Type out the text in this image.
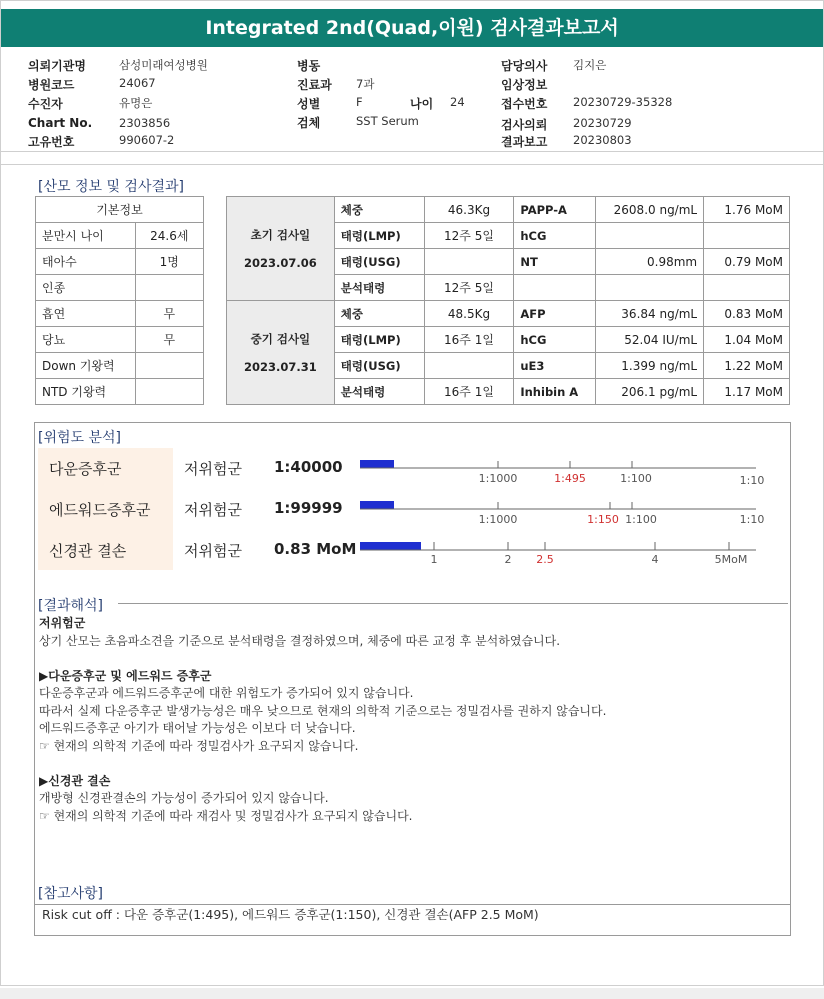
Integrated 2nd(Quad,이원) 검사결과보고서
의뢰기관명	삼성미래여성병원
병원코드	24067
수진자	유명은
Chart No. 2303856
고유번호	990607-2
병동
진료과 7과
성별	F	나이 24
검체	SST Serum
담당의사 김지은
임상정보
접수번호 20230729-35328
검사의뢰 20230729
결과보고 20230803
[산모 정보 및 검사결과]
기본정보	
분만시 나이	24.6세
태아수	1명
인종	
흡연	무
당뇨	무
Down 기왕력	
NTD 기왕력	
초기 검사일
2023.07.06	체중	46.3Kg	PAPP-A	2608.0 ng/mL	1.76 MoM
	태령(LMP)	12주 5일	hCG		
	태령(USG)		NT	0.98mm	0.79 MoM
	분석태령	12주 5일			

중기 검사일
2023.07.31	체중	48.5Kg	AFP	36.84 ng/mL	0.83 MoM
	태령(LMP)	16주 1일	hCG	52.04 IU/mL	1.04 MoM
	태령(USG)		uE3	1.399 ng/mL	1.22 MoM
	분석태령	16주 1일	Inhibin A	206.1 pg/mL	1.17 MoM
[위험도 분석]
다운증후군	저위험군 1:40000
에드워드증후군 저위험군 1:99999
신경관 결손	저위험군 0.83 MoM
1:1000	1:495	1:100	1:10
1:1000	1:150 1:100	1:10
1	2 2.5	4	5MoM
[결과해석]
저위험군
상기 산모는 초음파소견을 기준으로 분석태령을 결정하였으며, 체중에 따른 교정 후 분석하였습니다.
▶다운증후군 및 에드워드 증후군
다운증후군과 에드워드증후군에 대한 위험도가 증가되어 있지 않습니다.
따라서 실제 다운증후군 발생가능성은 매우 낮으므로 현재의 의학적 기준으로는 정밀검사를 권하지 않습니다.
에드워드증후군 아기가 태어날 가능성은 이보다 더 낮습니다.
☞ 현재의 의학적 기준에 따라 정밀검사가 요구되지 않습니다.
▶신경관 결손
개방형 신경관결손의 가능성이 증가되어 있지 않습니다.
☞ 현재의 의학적 기준에 따라 재검사 및 정밀검사가 요구되지 않습니다.
[참고사항]
Risk cut off : 다운 증후군(1:495), 에드워드 증후군(1:150), 신경관 결손(AFP 2.5 MoM)
